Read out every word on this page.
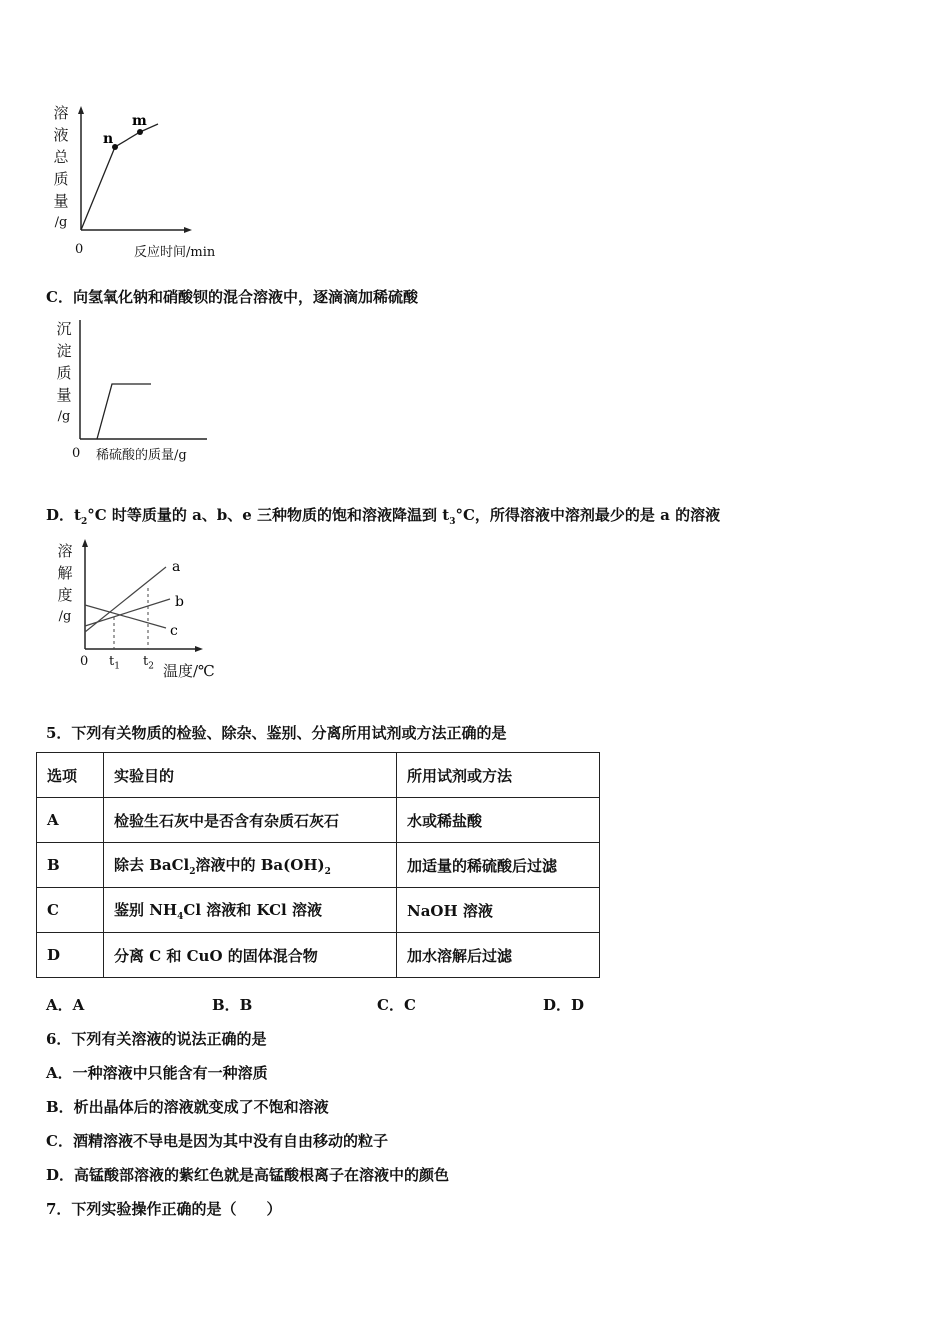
溶
液
总
质
量
/g
n
m
0	反应时间/min
C．向氢氧化钠和硝酸钡的混合溶液中，逐滴滴加稀硫酸
沉
淀
质
量
/g
0 稀硫酸的质量/g
D．$t_2^\circ C$ 时等质量的 a、b、e 三种物质的饱和溶液降温到 $t_3^\circ C$，所得溶液中溶剂最少的是 a 的溶液
溶
解
度
/g
a
b
c
0 $t_1$ $t_2$ 温度/℃
5．下列有关物质的检验、除杂、鉴别、分离所用试剂或方法正确的是
选项	实验目的	所用试剂或方法
A	检验生石灰中是否含有杂质石灰石	水或稀盐酸
B	除去 BaCl$_2$溶液中的 $Ba(OH)_2$	加适量的稀硫酸后过滤
C	鉴别 $NH_4Cl$ 溶液和 KCl 溶液	NaOH 溶液
D	分离 C 和 CuO 的固体混合物	加水溶解后过滤
A．A	B．B	C．C	D．D
6．下列有关溶液的说法正确的是
A．一种溶液中只能含有一种溶质
B．析出晶体后的溶液就变成了不饱和溶液
C．酒精溶液不导电是因为其中没有自由移动的粒子
D．高锰酸部溶液的紫红色就是高锰酸根离子在溶液中的颜色
7．下列实验操作正确的是（　　）
